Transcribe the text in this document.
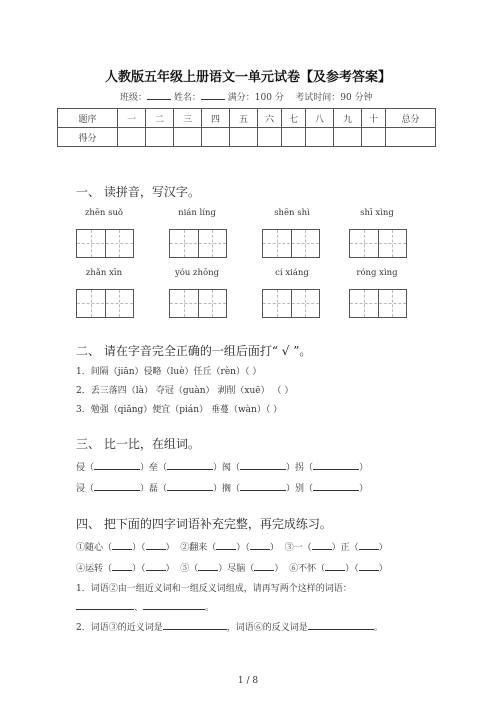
人教版五年级上册语文一单元试卷【及参考答案】
班级：	姓名：	满分：100 分 考试时间：90 分钟
题序	一	二	三	四	五	六	七	八	九	十	总分
得分											
一、 读拼音，写汉字。
zhēn suǒ	nián líng	shēn shì	shī xìng
zhǎn xīn	yóu zhōng	cí xiáng	róng xìng
二、 请在字音完全正确的一组后面打“ √ ”。
1．间隔（jiān）侵略（luè）任丘（rèn）（ ）
2．丢三落四（là） 夺冠（guàn） 剥削（xuē） （ ）
3．勉强（qiǎng）便宜（pián） 垂蔓（wàn）（ ）
三、 比一比，在组词。
侵（	）垒（	）阂（	）拐（	）
浸（	）磊（	）搁（	）别（	）
四、 把下面的四字词语补充完整，再完成练习。
①随心（ ）（ ） ②翻来（ ）（ ） ③一（ ）正（ ）
④运转（ ）（ ） ⑤（ ）尽脑（ ） ⑥不怀（ ）（ ）
1．词语②由一组近义词和一组反义词组成，请再写两个这样的词语：
、	。
2．词语③的近义词是	，词语⑥的反义词是	。
1 / 8
